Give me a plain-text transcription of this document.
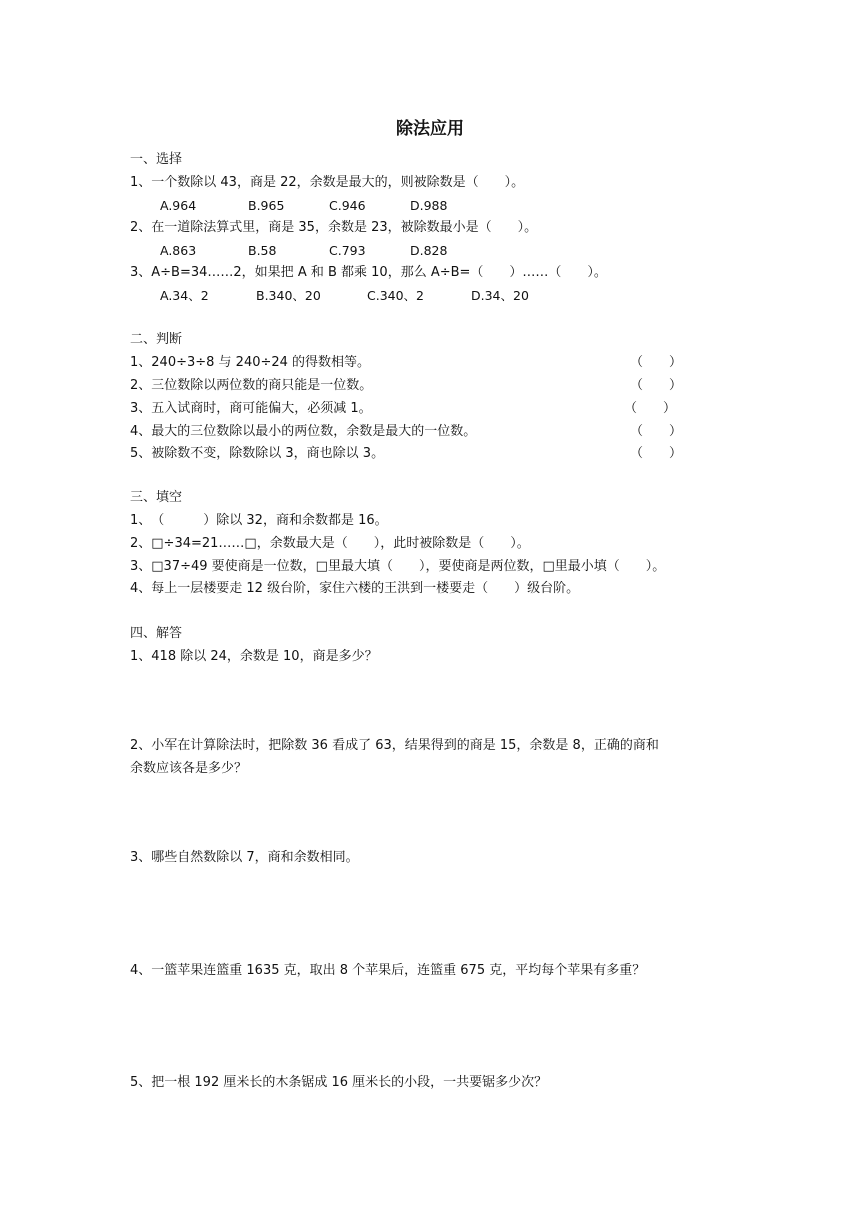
除法应用
一、选择
1、一个数除以 43，商是 22，余数是最大的，则被除数是（　　）。
A.964	B.965	C.946	D.988
2、在一道除法算式里，商是 35，余数是 23，被除数最小是（　　）。
A.863	B.58	C.793	D.828
3、A÷B=34……2，如果把 A 和 B 都乘 10，那么 A÷B=（　　）……（　　）。
A.34、2	B.340、20	C.340、2	D.34、20
二、判断
1、240÷3÷8 与 240÷24 的得数相等。	（　　）
2、三位数除以两位数的商只能是一位数。	（　　）
3、五入试商时，商可能偏大，必须减 1。	（　　）
4、最大的三位数除以最小的两位数，余数是最大的一位数。	（　　）
5、被除数不变，除数除以 3，商也除以 3。	（　　）
三、填空
1、　（　　　）除以 32，商和余数都是 16。
2、□÷34=21……□，余数最大是（　　），此时被除数是（　　）。
3、□37÷49 要使商是一位数，□里最大填（　　），要使商是两位数，□里最小填（　　）。
4、每上一层楼要走 12 级台阶，家住六楼的王洪到一楼要走（　　）级台阶。
四、解答
1、418 除以 24，余数是 10，商是多少？
2、小军在计算除法时，把除数 36 看成了 63，结果得到的商是 15，余数是 8，正确的商和
余数应该各是多少？
3、哪些自然数除以 7，商和余数相同。
4、一篮苹果连篮重 1635 克，取出 8 个苹果后，连篮重 675 克，平均每个苹果有多重？
5、把一根 192 厘米长的木条锯成 16 厘米长的小段，一共要锯多少次？
